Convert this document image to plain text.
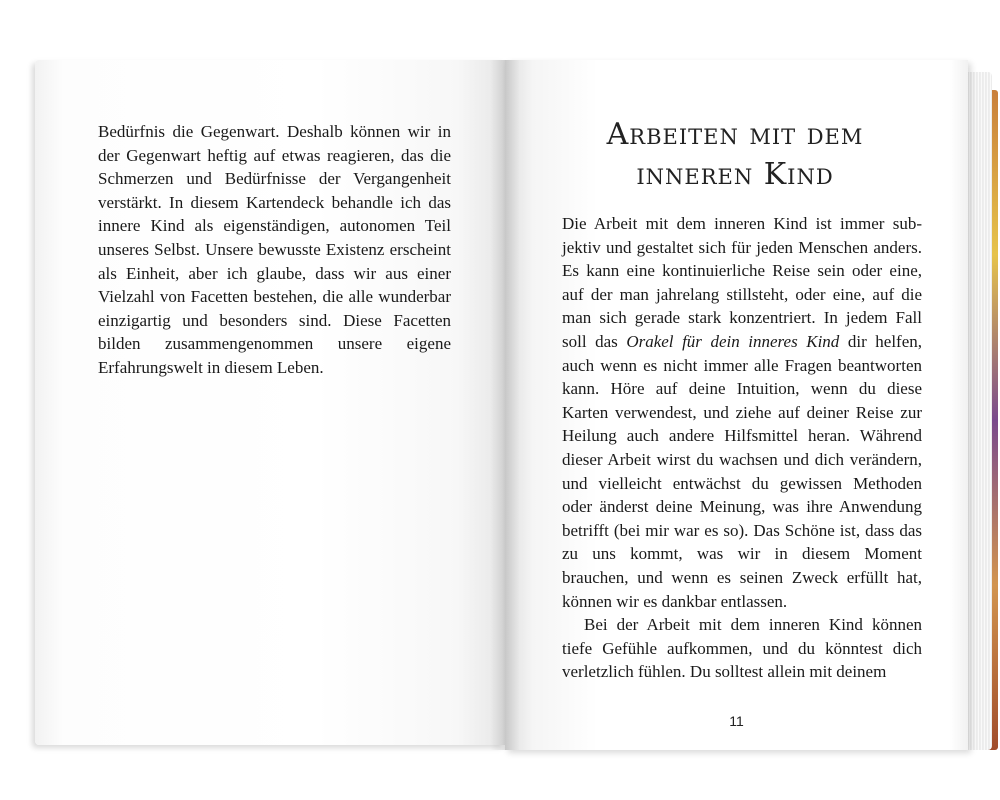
Bedürfnis die Gegenwart. Deshalb können wir in der Gegenwart heftig auf etwas reagieren, das die Schmerzen und Bedürfnisse der Vergangenheit verstärkt. In diesem Kartendeck behandle ich das innere Kind als eigenständigen, autonomen Teil unseres Selbst. Unsere bewusste Existenz erscheint als Einheit, aber ich glaube, dass wir aus einer Vielzahl von Facetten bestehen, die alle wunderbar einzigartig und besonders sind. Diese Facetten bilden zusammengenommen unsere eigene Erfahrungswelt in diesem Leben.

Arbeiten mit dem
inneren Kind

Die Arbeit mit dem inneren Kind ist immer subjektiv und gestaltet sich für jeden Menschen anders. Es kann eine kontinuierliche Reise sein oder eine, auf der man jahrelang stillsteht, oder eine, auf die man sich gerade stark konzentriert. In jedem Fall soll das Orakel für dein inneres Kind dir helfen, auch wenn es nicht immer alle Fragen beantworten kann. Höre auf deine Intuition, wenn du diese Karten verwendest, und ziehe auf deiner Reise zur Heilung auch andere Hilfsmittel heran. Während dieser Arbeit wirst du wachsen und dich verändern, und vielleicht entwächst du gewissen Methoden oder änderst deine Meinung, was ihre Anwendung betrifft (bei mir war es so). Das Schöne ist, dass das zu uns kommt, was wir in diesem Moment brauchen, und wenn es seinen Zweck erfüllt hat, können wir es dankbar entlassen.

Bei der Arbeit mit dem inneren Kind können tiefe Gefühle aufkommen, und du könntest dich verletzlich fühlen. Du solltest allein mit deinem

11
